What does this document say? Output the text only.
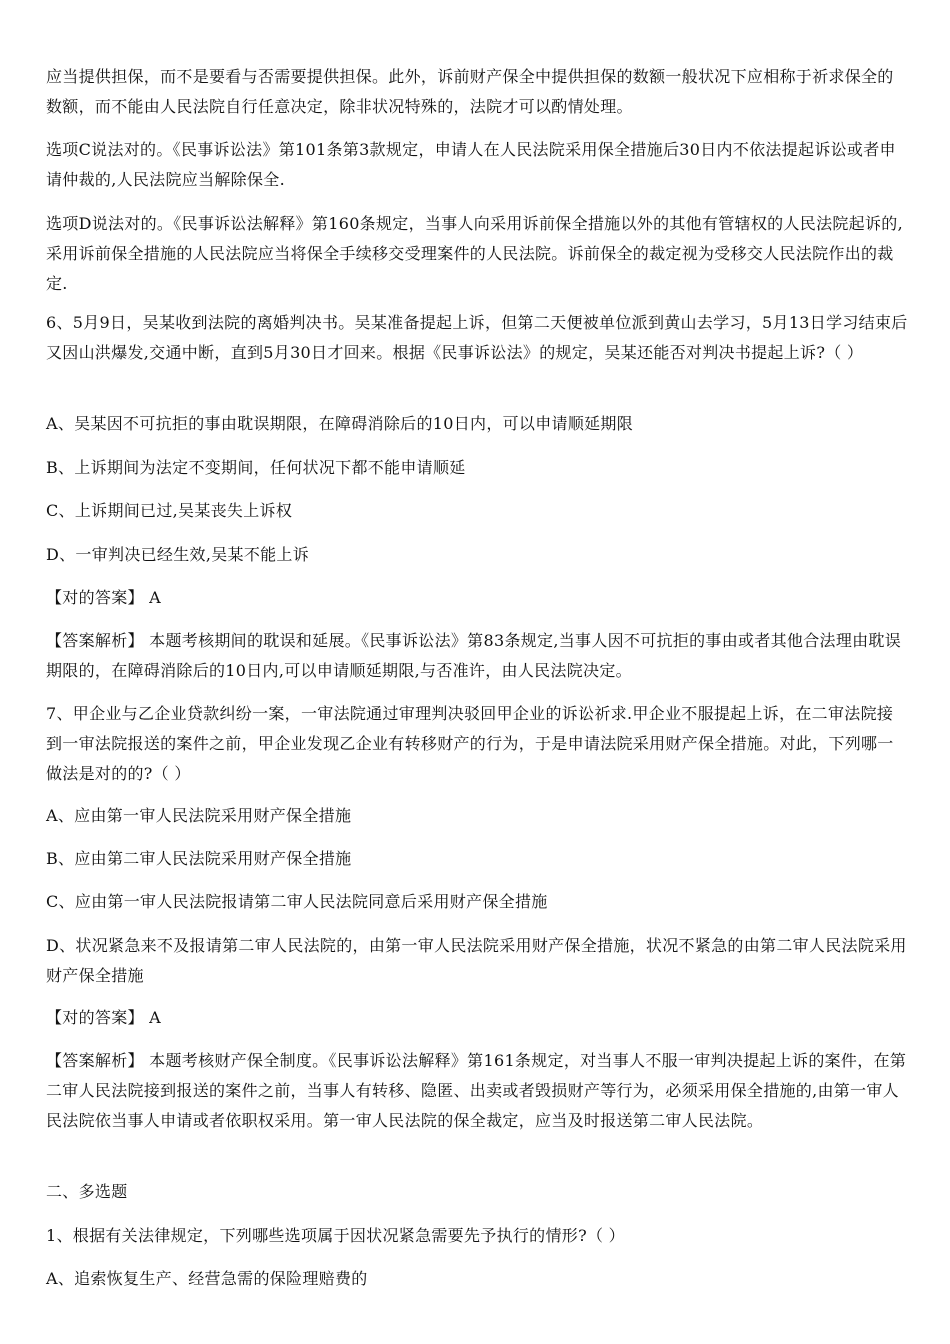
应当提供担保，而不是要看与否需要提供担保。此外，诉前财产保全中提供担保的数额一般状况下应相称于祈求保全的数额，而不能由人民法院自行任意决定，除非状况特殊的，法院才可以酌情处理。

选项C说法对的。《民事诉讼法》第101条第3款规定，申请人在人民法院采用保全措施后30日内不依法提起诉讼或者申请仲裁的,人民法院应当解除保全.

选项D说法对的。《民事诉讼法解释》第160条规定，当事人向采用诉前保全措施以外的其他有管辖权的人民法院起诉的,采用诉前保全措施的人民法院应当将保全手续移交受理案件的人民法院。诉前保全的裁定视为受移交人民法院作出的裁定.

6、5月9日，吴某收到法院的离婚判决书。吴某准备提起上诉，但第二天便被单位派到黄山去学习，5月13日学习结束后又因山洪爆发,交通中断，直到5月30日才回来。根据《民事诉讼法》的规定，吴某还能否对判决书提起上诉?（ ）

A、吴某因不可抗拒的事由耽误期限，在障碍消除后的10日内，可以申请顺延期限

B、上诉期间为法定不变期间，任何状况下都不能申请顺延

C、上诉期间已过,吴某丧失上诉权

D、一审判决已经生效,吴某不能上诉

【对的答案】 A

【答案解析】 本题考核期间的耽误和延展。《民事诉讼法》第83条规定,当事人因不可抗拒的事由或者其他合法理由耽误期限的，在障碍消除后的10日内,可以申请顺延期限,与否准许，由人民法院决定。

7、甲企业与乙企业贷款纠纷一案，一审法院通过审理判决驳回甲企业的诉讼祈求.甲企业不服提起上诉，在二审法院接到一审法院报送的案件之前，甲企业发现乙企业有转移财产的行为，于是申请法院采用财产保全措施。对此，下列哪一做法是对的的?（ ）

A、应由第一审人民法院采用财产保全措施

B、应由第二审人民法院采用财产保全措施

C、应由第一审人民法院报请第二审人民法院同意后采用财产保全措施

D、状况紧急来不及报请第二审人民法院的，由第一审人民法院采用财产保全措施，状况不紧急的由第二审人民法院采用财产保全措施

【对的答案】 A

【答案解析】 本题考核财产保全制度。《民事诉讼法解释》第161条规定，对当事人不服一审判决提起上诉的案件，在第二审人民法院接到报送的案件之前，当事人有转移、隐匿、出卖或者毁损财产等行为，必须采用保全措施的,由第一审人民法院依当事人申请或者依职权采用。第一审人民法院的保全裁定，应当及时报送第二审人民法院。

二、多选题

1、根据有关法律规定，下列哪些选项属于因状况紧急需要先予执行的情形?（ ）

A、追索恢复生产、经营急需的保险理赔费的
